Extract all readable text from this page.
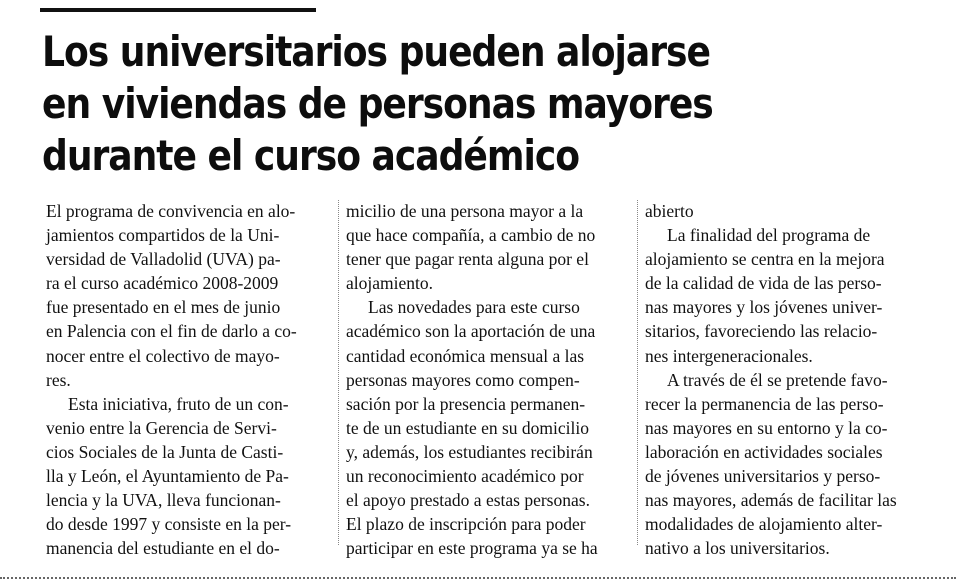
Los universitarios pueden alojarse
en viviendas de personas mayores
durante el curso académico

El programa de convivencia en alo-
jamientos compartidos de la Uni-
versidad de Valladolid (UVA) pa-
ra el curso académico 2008-2009
fue presentado en el mes de junio
en Palencia con el fin de darlo a co-
nocer entre el colectivo de mayo-
res.

Esta iniciativa, fruto de un con-
venio entre la Gerencia de Servi-
cios Sociales de la Junta de Casti-
lla y León, el Ayuntamiento de Pa-
lencia y la UVA, lleva funcionan-
do desde 1997 y consiste en la per-
manencia del estudiante en el do-

micilio de una persona mayor a la
que hace compañía, a cambio de no
tener que pagar renta alguna por el
alojamiento.

Las novedades para este curso
académico son la aportación de una
cantidad económica mensual a las
personas mayores como compen-
sación por la presencia permanen-
te de un estudiante en su domicilio
y, además, los estudiantes recibirán
un reconocimiento académico por
el apoyo prestado a estas personas.
El plazo de inscripción para poder
participar en este programa ya se ha

abierto

La finalidad del programa de
alojamiento se centra en la mejora
de la calidad de vida de las perso-
nas mayores y los jóvenes univer-
sitarios, favoreciendo las relacio-
nes intergeneracionales.

A través de él se pretende favo-
recer la permanencia de las perso-
nas mayores en su entorno y la co-
laboración en actividades sociales
de jóvenes universitarios y perso-
nas mayores, además de facilitar las
modalidades de alojamiento alter-
nativo a los universitarios.
